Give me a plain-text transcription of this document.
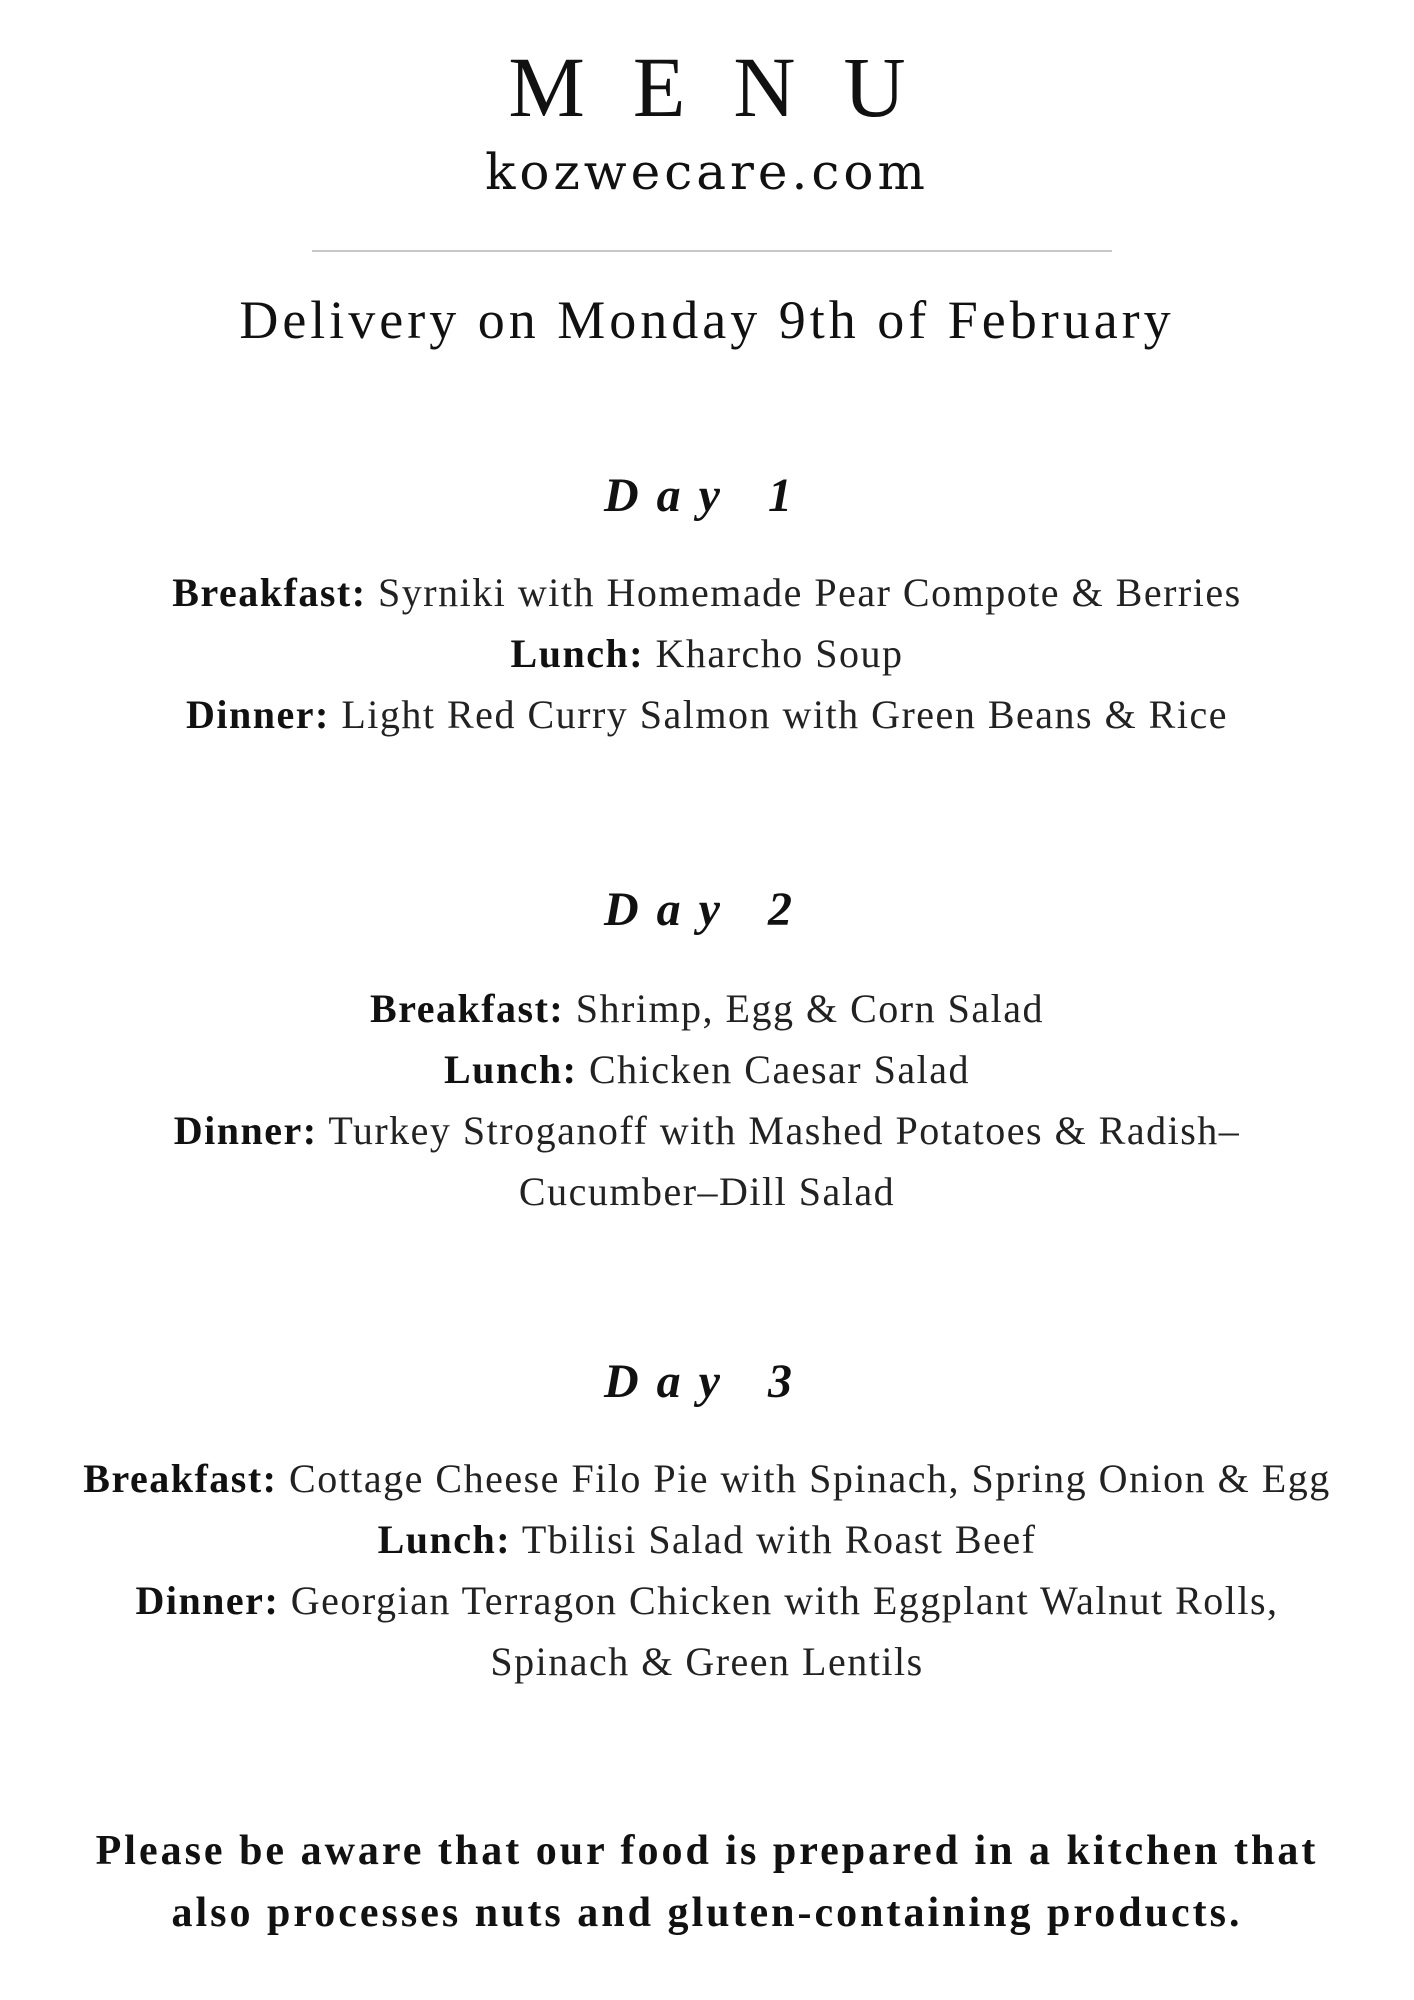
MENU
kozwecare.com
Delivery on Monday 9th of February
Day 1
Breakfast: Syrniki with Homemade Pear Compote & Berries
Lunch: Kharcho Soup
Dinner: Light Red Curry Salmon with Green Beans & Rice
Day 2
Breakfast: Shrimp, Egg & Corn Salad
Lunch: Chicken Caesar Salad
Dinner: Turkey Stroganoff with Mashed Potatoes & Radish–Cucumber–Dill Salad
Day 3
Breakfast: Cottage Cheese Filo Pie with Spinach, Spring Onion & Egg
Lunch: Tbilisi Salad with Roast Beef
Dinner: Georgian Terragon Chicken with Eggplant Walnut Rolls, Spinach & Green Lentils
Please be aware that our food is prepared in a kitchen that also processes nuts and gluten-containing products.
